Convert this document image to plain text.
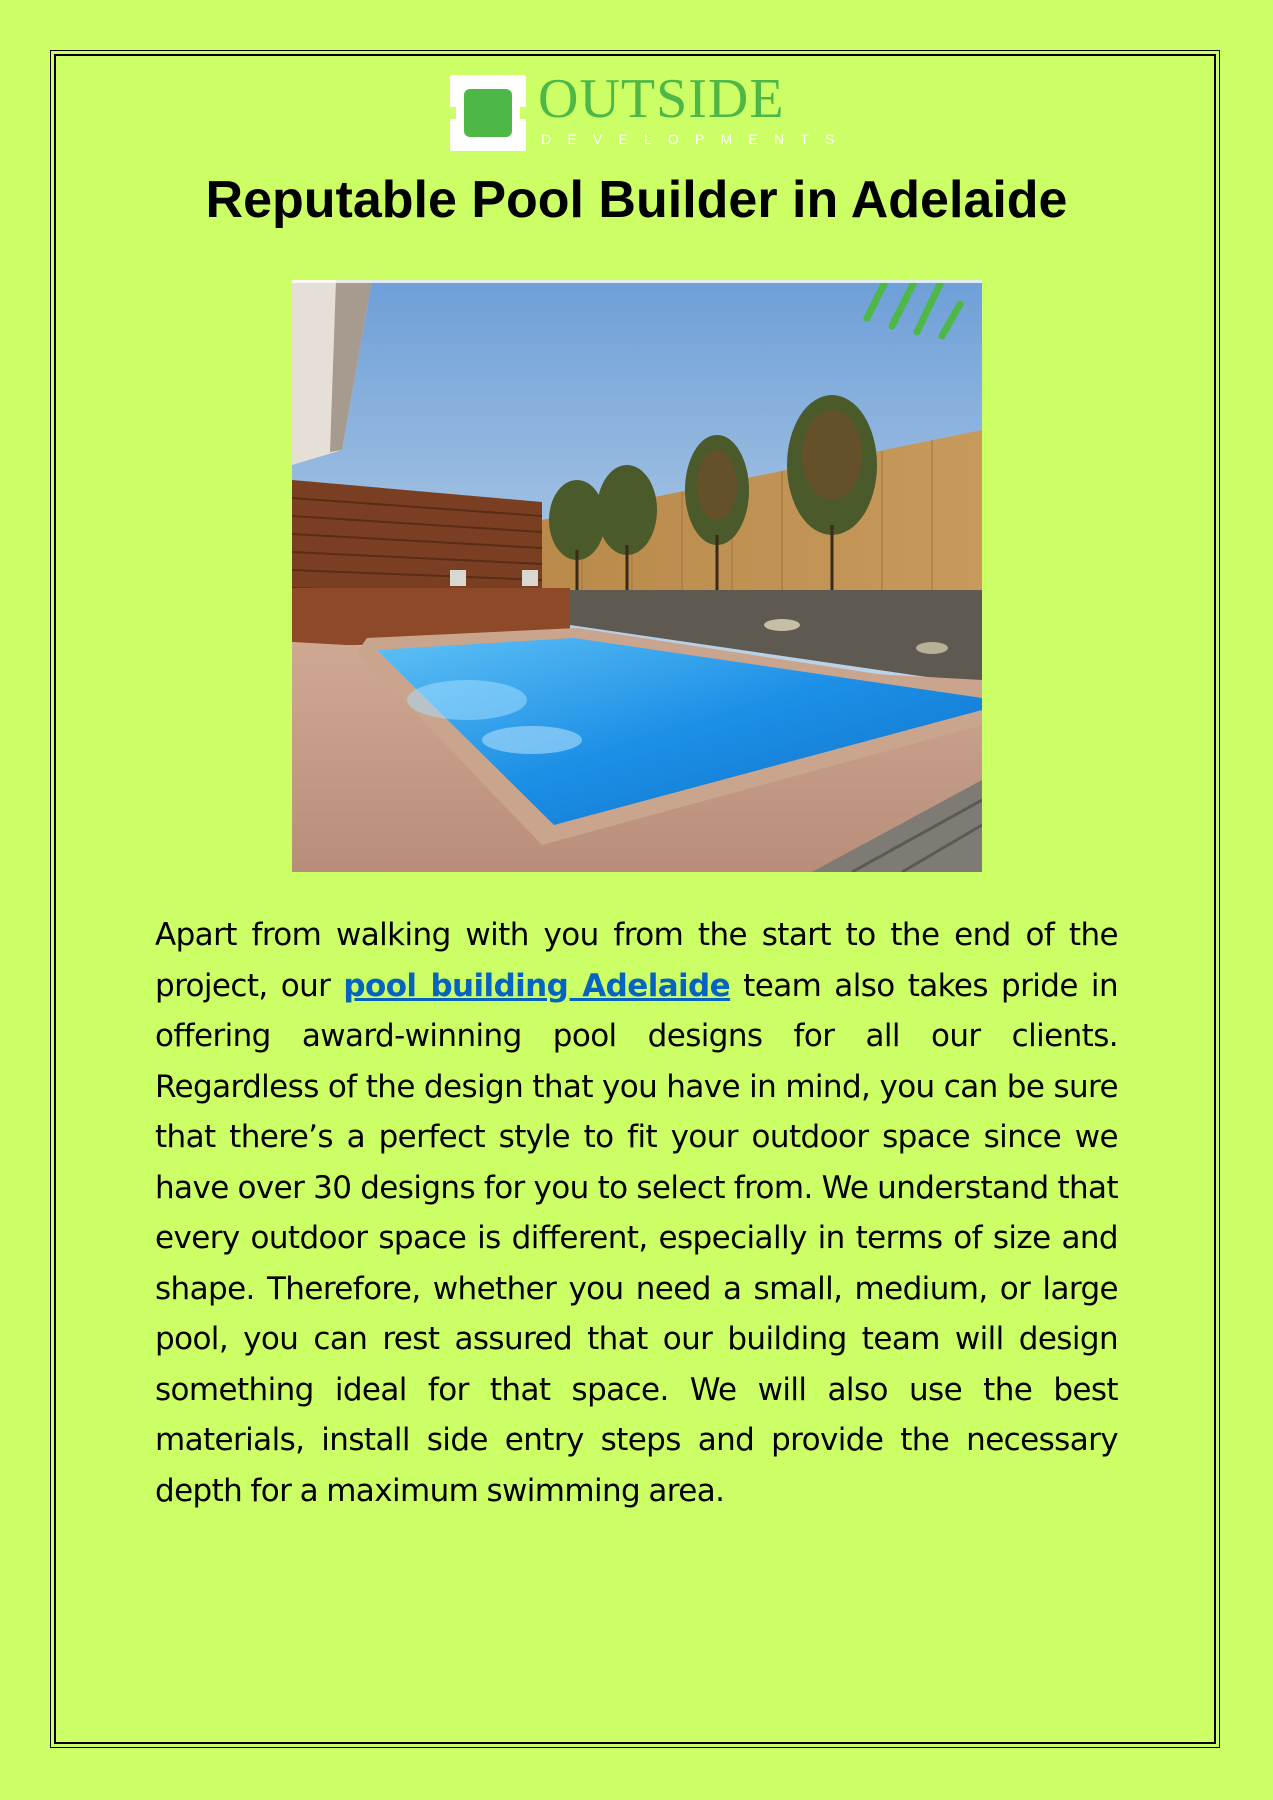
OUTSIDE
DEVELOPMENTS
Reputable Pool Builder in Adelaide

Apart from walking with you from the start to the end of the project, our pool building Adelaide team also takes pride in offering award-winning pool designs for all our clients. Regardless of the design that you have in mind, you can be sure that there’s a perfect style to fit your outdoor space since we have over 30 designs for you to select from. We understand that every outdoor space is different, especially in terms of size and shape. Therefore, whether you need a small, medium, or large pool, you can rest assured that our building team will design something ideal for that space. We will also use the best materials, install side entry steps and provide the necessary depth for a maximum swimming area.
